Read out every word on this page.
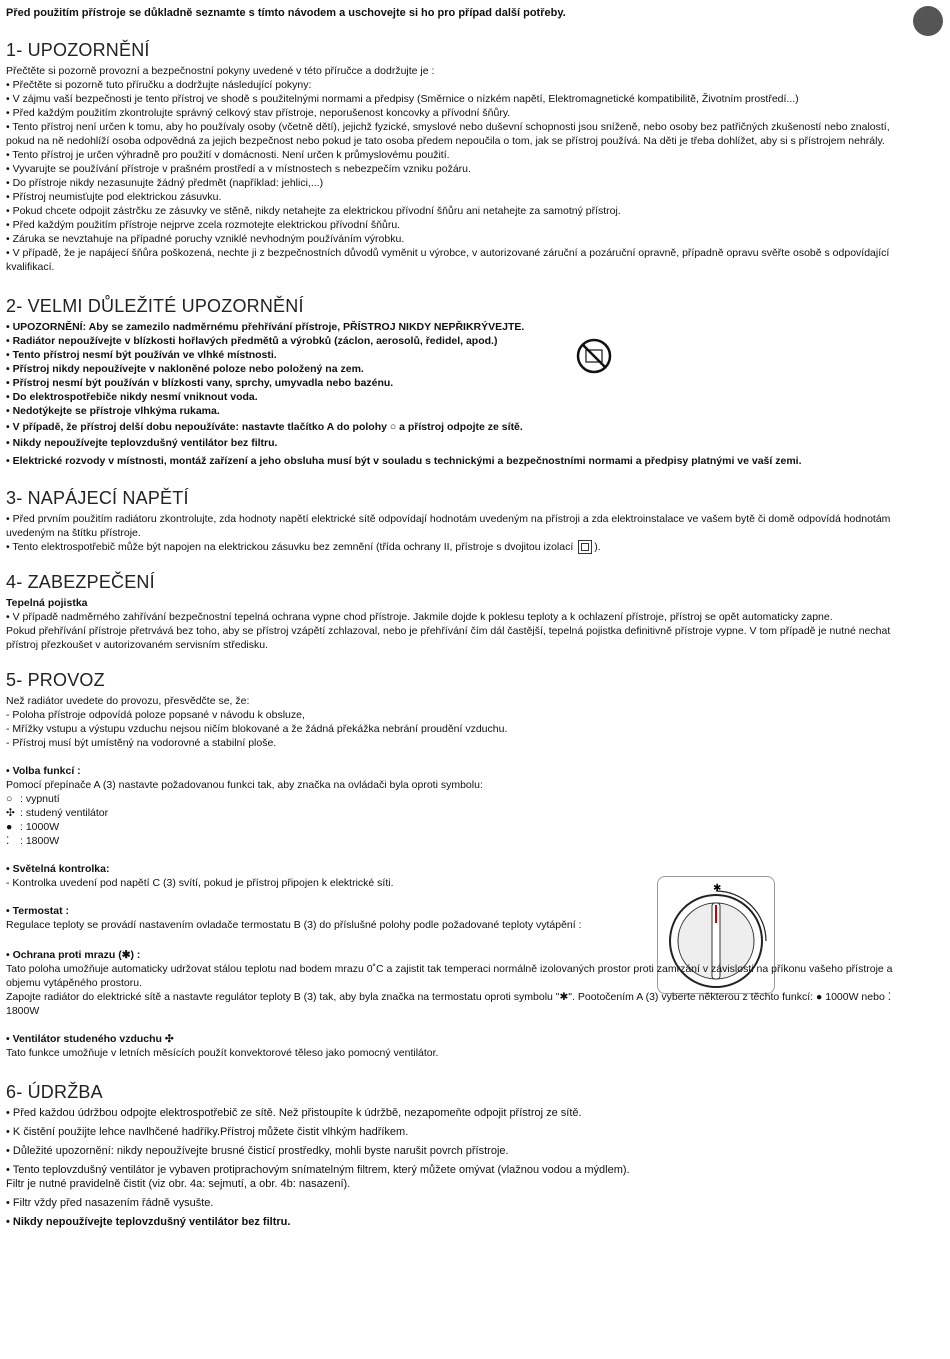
✱

Před použitím přístroje se důkladně seznamte s tímto návodem a uschovejte si ho pro případ další potřeby.

1- UPOZORNĚNÍ

Přečtěte si pozorně provozní a bezpečnostní pokyny uvedené v této příručce a dodržujte je :

• Přečtěte si pozorně tuto příručku a dodržujte následující pokyny:
• V zájmu vaší bezpečnosti je tento přístroj ve shodě s použitelnými normami a předpisy (Směrnice o nízkém napětí, Elektromagnetické kompatibilitě, Životním prostředí...)
• Před každým použitím zkontrolujte správný celkový stav přístroje, neporušenost koncovky a přívodní šňůry.
• Tento přístroj není určen k tomu, aby ho používaly osoby (včetně dětí), jejichž fyzické, smyslové nebo duševní schopnosti jsou sníženě, nebo osoby bez patřičných zkušeností nebo znalostí, pokud na ně nedohlíží osoba odpovědná za jejich bezpečnost nebo pokud je tato osoba předem nepoučila o tom, jak se přístroj používá. Na děti je třeba dohlížet, aby si s přístrojem nehrály.
• Tento přístroj je určen výhradně pro použití v domácnosti. Není určen k průmyslovému použití.
• Vyvarujte se používání přístroje v prašném prostředí a v místnostech s nebezpečím vzniku požáru.
• Do přístroje nikdy nezasunujte žádný předmět (například: jehlici,...)
• Přístroj neumisťujte pod elektrickou zásuvku.
• Pokud chcete odpojit zástrčku ze zásuvky ve stěně, nikdy netahejte za elektrickou přívodní šňůru ani netahejte za samotný přístroj.
• Před každým použitím přístroje nejprve zcela rozmotejte elektrickou přívodní šňůru.
• Záruka se nevztahuje na případné poruchy vzniklé nevhodným používáním výrobku.
• V případě, že je napájecí šňůra poškozená, nechte ji z bezpečnostních důvodů vyměnit u výrobce, v autorizované záruční a pozáruční opravně, případně opravu svěřte osobě s odpovídající kvalifikací.
2- VELMI DŮLEŽITÉ UPOZORNĚNÍ
• UPOZORNĚNÍ: Aby se zamezilo nadměrnému přehřívání přístroje, PŘÍSTROJ NIKDY NEPŘIKRÝVEJTE.
• Radiátor nepoužívejte v blízkosti hořlavých předmětů a výrobků (záclon, aerosolů, ředidel, apod.)
• Tento přístroj nesmí být používán ve vlhké místnosti.
• Přístroj nikdy nepoužívejte v nakloněné poloze nebo položený na zem.
• Přístroj nesmí být používán v blízkosti vany, sprchy, umyvadla nebo bazénu.
• Do elektrospotřebiče nikdy nesmí vniknout voda.
• Nedotýkejte se přístroje vlhkýma rukama.
• V případě, že přístroj delší dobu nepoužíváte: nastavte tlačítko A do polohy ○ a přístroj odpojte ze sítě.
• Nikdy nepoužívejte teplovzdušný ventilátor bez filtru.
• Elektrické rozvody v místnosti, montáž zařízení a jeho obsluha musí být v souladu s technickými a bezpečnostními normami a předpisy platnými ve vaší zemi.
3- NAPÁJECÍ NAPĚTÍ
• Před prvním použitím radiátoru zkontrolujte, zda hodnoty napětí elektrické sítě odpovídají hodnotám uvedeným na přístroji a zda elektroinstalace ve vašem bytě či domě odpovídá hodnotám uvedeným na štítku přístroje.
• Tento elektrospotřebič může být napojen na elektrickou zásuvku bez zemnění (třída ochrany II, přístroje s dvojitou izolací ).
4- ZABEZPEČENÍ

Tepelná pojistka

• V případě nadměrného zahřívání bezpečnostní tepelná ochrana vypne chod přístroje. Jakmile dojde k poklesu teploty a k ochlazení přístroje, přístroj se opět automaticky zapne.

Pokud přehřívání přístroje přetrvává bez toho, aby se přístroj vzápětí zchlazoval, nebo je přehřívání čím dál častější, tepelná pojistka definitivně přístroje vypne. V tom případě je nutné nechat přístroj přezkoušet v autorizovaném servisním středisku.

5- PROVOZ

Než radiátor uvedete do provozu, přesvědčte se, že:

- Poloha přístroje odpovídá poloze popsané v návodu k obsluze,
- Mřížky vstupu a výstupu vzduchu nejsou ničím blokované a že žádná překážka nebrání proudění vzduchu.
- Přístroj musí být umístěný na vodorovné a stabilní ploše.

• Volba funkcí :

Pomocí přepínače A (3) nastavte požadovanou funkci tak, aby značka na ovládači byla oproti symbolu:

○ : vypnutí
✣ : studený ventilátor
● : 1000W
⁚ : 1800W

• Světelná kontrolka:

- Kontrolka uvedení pod napětí C (3) svítí, pokud je přístroj připojen k elektrické síti.

• Termostat :

Regulace teploty se provádí nastavením ovladače termostatu B (3) do příslušné polohy podle požadované teploty vytápění :

• Ochrana proti mrazu (✱) :

Tato poloha umožňuje automaticky udržovat stálou teplotu nad bodem mrazu 0˚C a zajistit tak temperaci normálně izolovaných prostor proti zamrzání v závislosti na příkonu vašeho přístroje a objemu vytápěného prostoru.

Zapojte radiátor do elektrické sítě a nastavte regulátor teploty B (3) tak, aby byla značka na termostatu oproti symbolu "✱". Pootočením A (3) vyberte některou z těchto funkcí: ● 1000W nebo ⁚ 1800W

• Ventilátor studeného vzduchu ✣

Tato funkce umožňuje v letních měsících použít konvektorové těleso jako pomocný ventilátor.

6- ÚDRŽBA
• Před každou údržbou odpojte elektrospotřebič ze sítě. Než přistoupíte k údržbě, nezapomeňte odpojit přístroj ze sítě.
• K čistění použijte lehce navlhčené hadříky.Přístroj můžete čistit vlhkým hadříkem.
• Důležité upozornění: nikdy nepoužívejte brusné čisticí prostředky, mohli byste narušit povrch přístroje.
• Tento teplovzdušný ventilátor je vybaven protiprachovým snímatelným filtrem, který můžete omývat (vlažnou vodou a mýdlem).

Filtr je nutné pravidelně čistit (viz obr. 4a: sejmutí, a obr. 4b: nasazení).

• Filtr vždy před nasazením řádně vysušte.
• Nikdy nepoužívejte teplovzdušný ventilátor bez filtru.
